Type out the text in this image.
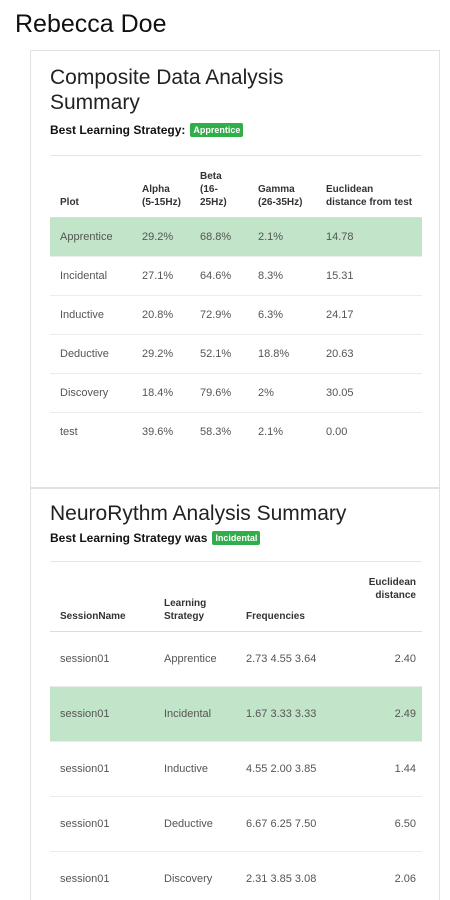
Rebecca Doe
Composite Data Analysis Summary
Best Learning Strategy: Apprentice
Plot	Alpha (5-15Hz)	Beta (16-25Hz)	Gamma (26-35Hz)	Euclidean distance from test
Apprentice	29.2%	68.8%	2.1%	14.78
Incidental	27.1%	64.6%	8.3%	15.31
Inductive	20.8%	72.9%	6.3%	24.17
Deductive	29.2%	52.1%	18.8%	20.63
Discovery	18.4%	79.6%	2%	30.05
test	39.6%	58.3%	2.1%	0.00
NeuroRythm Analysis Summary
Best Learning Strategy was Incidental
SessionName	Learning Strategy	Frequencies	Euclidean distance
session01	Apprentice	2.73 4.55 3.64	2.40
session01	Incidental	1.67 3.33 3.33	2.49
session01	Inductive	4.55 2.00 3.85	1.44
session01	Deductive	6.67 6.25 7.50	6.50
session01	Discovery	2.31 3.85 3.08	2.06
